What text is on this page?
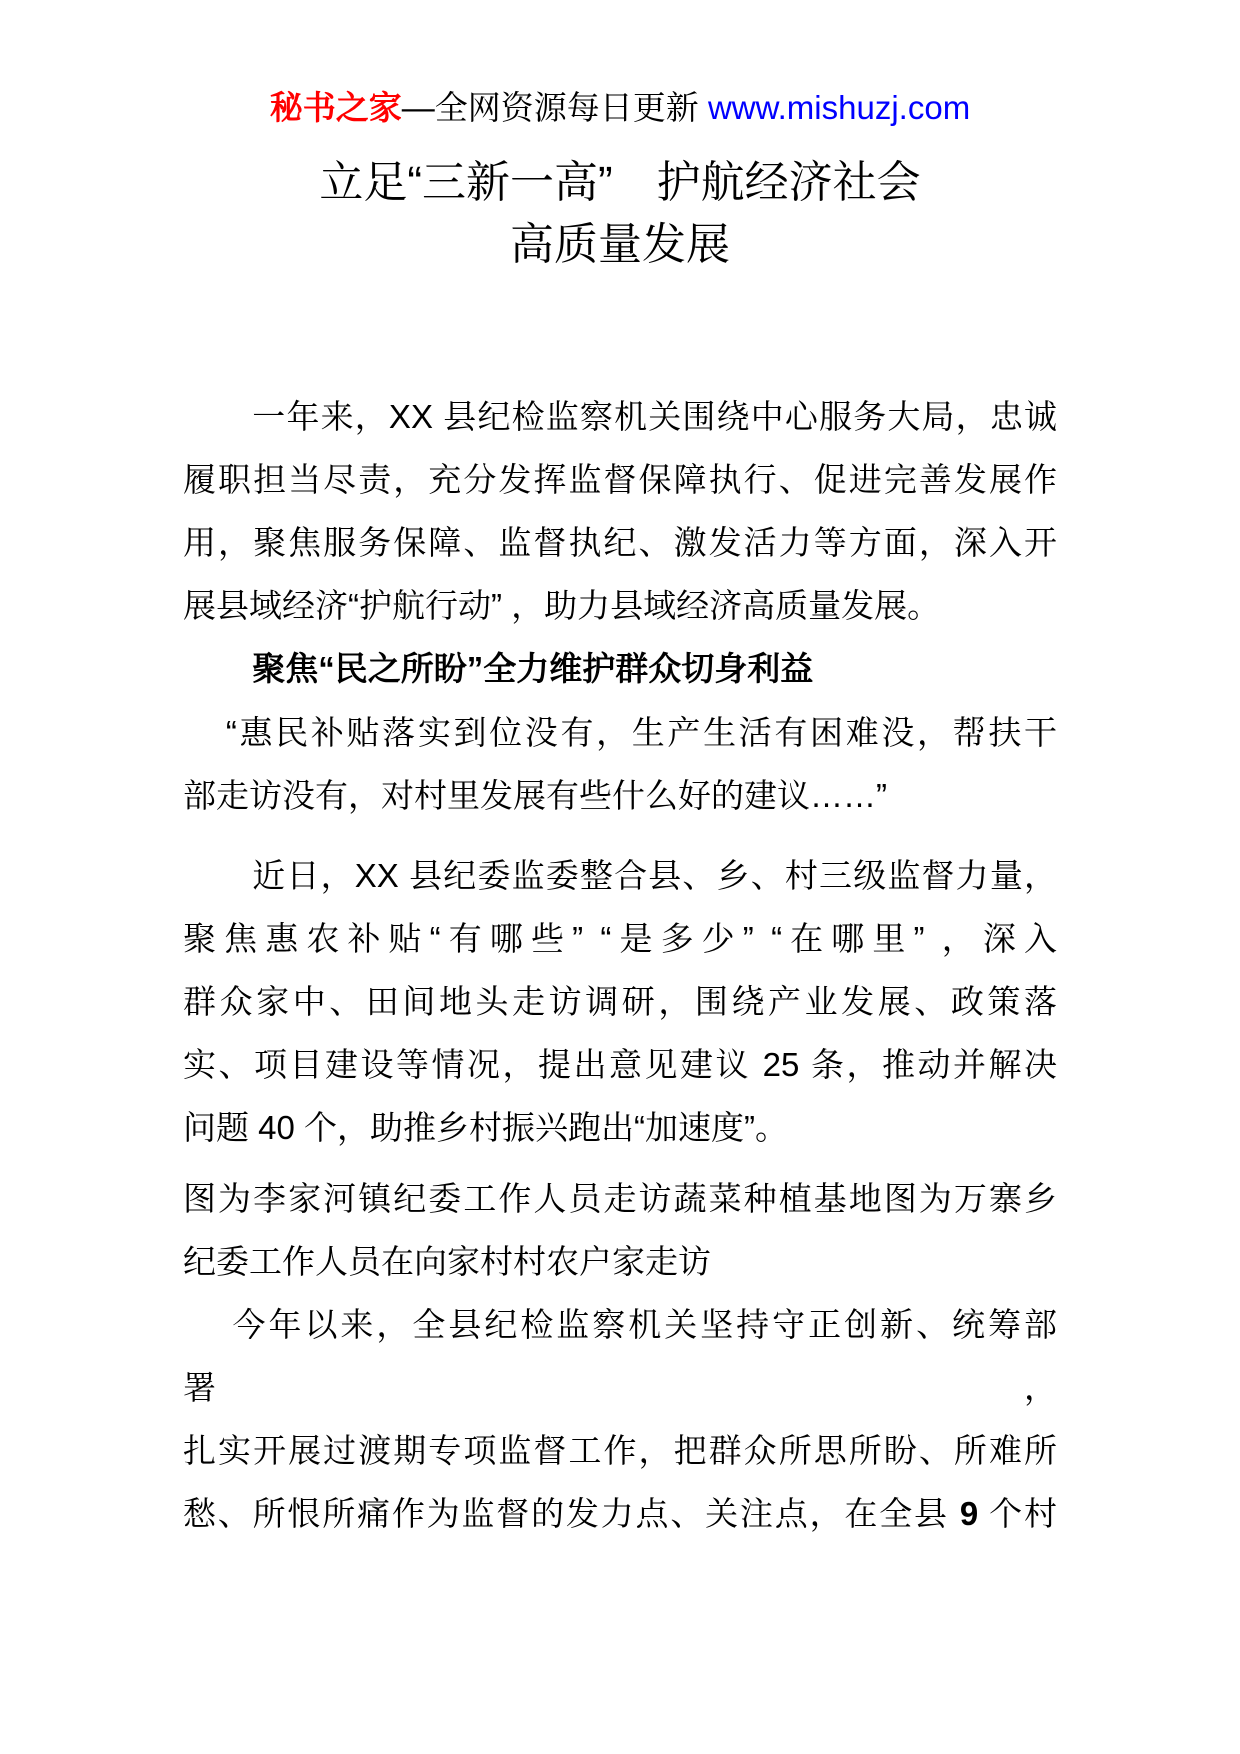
秘书之家—全网资源每日更新 www.mishuzj.com
立足“三新一高”　护航经济社会
高质量发展
一年来，XX 县纪检监察机关围绕中心服务大局，忠诚
履职担当尽责，充分发挥监督保障执行、促进完善发展作
用，聚焦服务保障、监督执纪、激发活力等方面，深入开
展县域经济“护航行动” ，助力县域经济高质量发展。
聚焦“民之所盼”全力维护群众切身利益
“惠民补贴落实到位没有，生产生活有困难没，帮扶干
部走访没有，对村里发展有些什么好的建议……”
近日，XX 县纪委监委整合县、乡、村三级监督力量，
聚焦惠农补贴“有哪些” “是多少” “在哪里” ，深入
群众家中、田间地头走访调研，围绕产业发展、政策落
实、项目建设等情况，提出意见建议 25 条，推动并解决
问题 40 个，助推乡村振兴跑出“加速度”。
图为李家河镇纪委工作人员走访蔬菜种植基地图为万寨乡
纪委工作人员在向家村村农户家走访
今年以来，全县纪检监察机关坚持守正创新、统筹部署，
扎实开展过渡期专项监督工作，把群众所思所盼、所难所
愁、所恨所痛作为监督的发力点、关注点，在全县 9 个村
